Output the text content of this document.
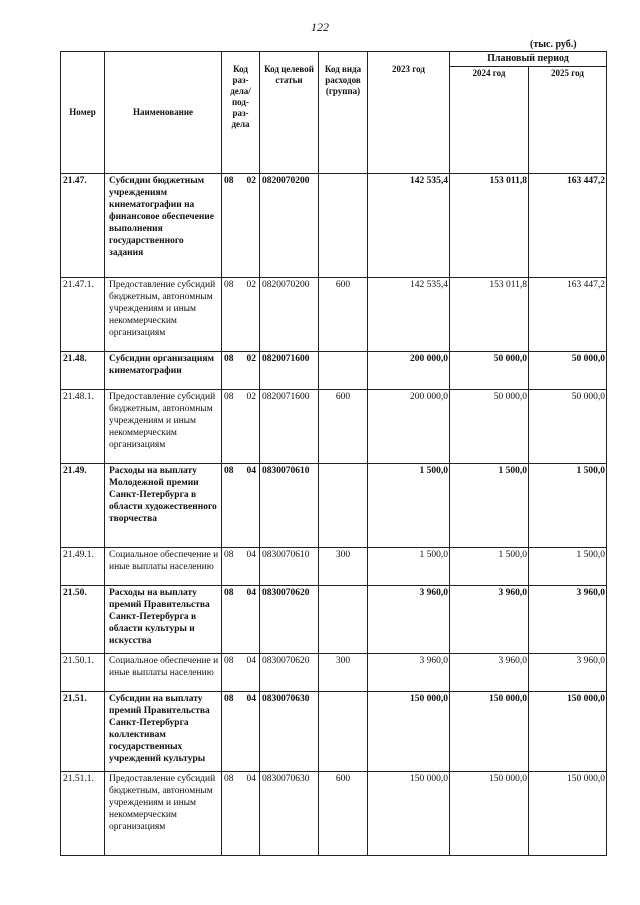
122
(тыс. руб.)
Номер	Наименование	Код раз-дела/ под-раз-дела	Код целевой статьи	Код вида расходов (группа)	2023 год	Плановый период	
						2024 год	2025 год
21.47.	Субсидии бюджетным учреждениям кинематографии на финансовое обеспечение выполнения государственного задания	08 02	0820070200		142 535,4	153 011,8	163 447,2
21.47.1.	Предоставление субсидий бюджетным, автономным учреждениям и иным некоммерческим организациям	08 02	0820070200	600	142 535,4	153 011,8	163 447,2
21.48.	Субсидии организациям кинематографии	08 02	0820071600		200 000,0	50 000,0	50 000,0
21.48.1.	Предоставление субсидий бюджетным, автономным учреждениям и иным некоммерческим организациям	08 02	0820071600	600	200 000,0	50 000,0	50 000,0
21.49.	Расходы на выплату Молодежной премии Санкт-Петербурга в области художественного творчества	08 04	0830070610		1 500,0	1 500,0	1 500,0
21.49.1.	Социальное обеспечение и иные выплаты населению	08 04	0830070610	300	1 500,0	1 500,0	1 500,0
21.50.	Расходы на выплату премий Правительства Санкт-Петербурга в области культуры и искусства	08 04	0830070620		3 960,0	3 960,0	3 960,0
21.50.1.	Социальное обеспечение и иные выплаты населению	08 04	0830070620	300	3 960,0	3 960,0	3 960,0
21.51.	Субсидии на выплату премий Правительства Санкт-Петербурга коллективам государственных учреждений культуры	08 04	0830070630		150 000,0	150 000,0	150 000,0
21.51.1.	Предоставление субсидий бюджетным, автономным учреждениям и иным некоммерческим организациям	08 04	0830070630	600	150 000,0	150 000,0	150 000,0
